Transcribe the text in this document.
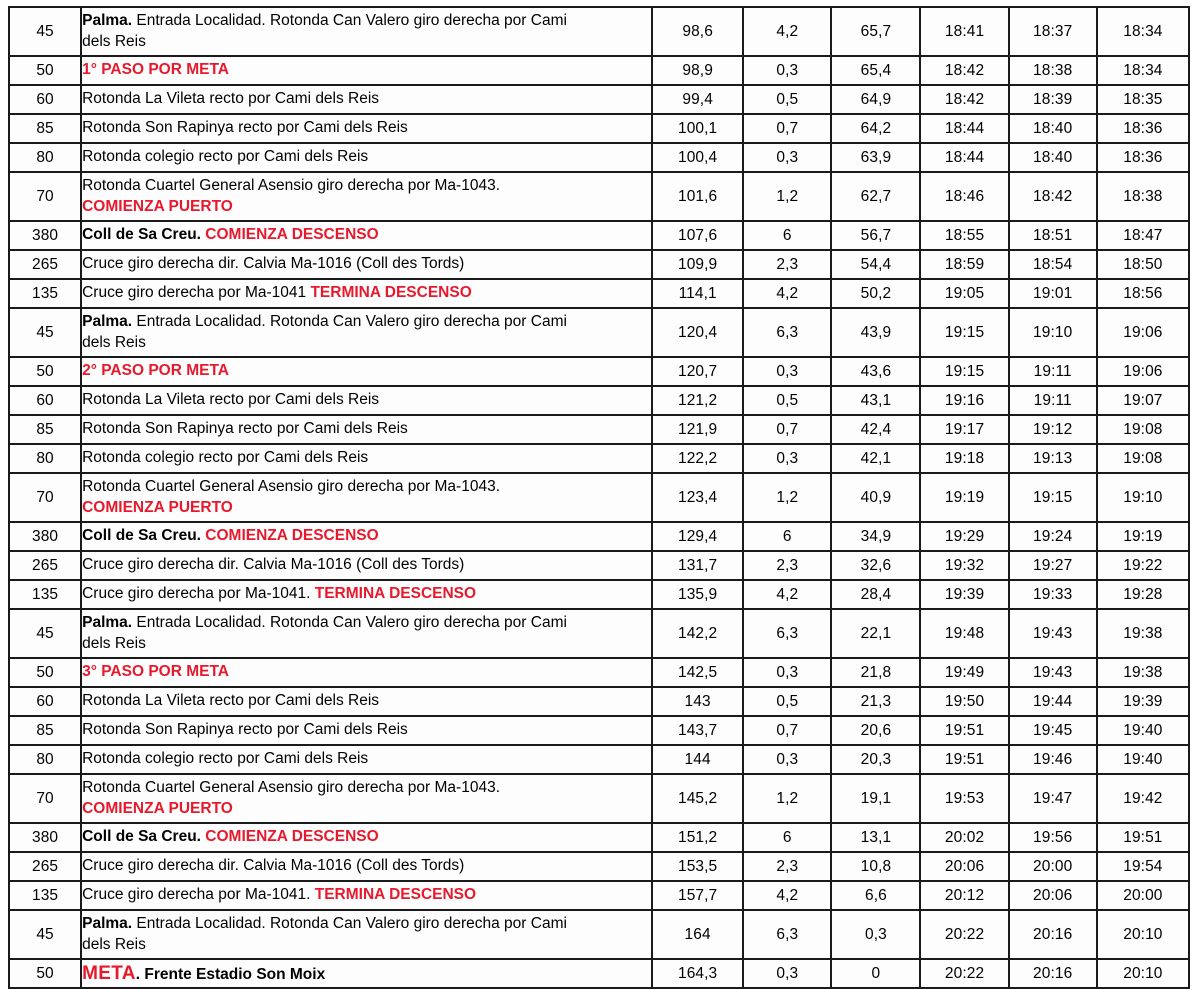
45	Palma. Entrada Localidad. Rotonda Can Valero giro derecha por Cami
dels Reis	98,6	4,2	65,7	18:41	18:37	18:34
50	1° PASO POR META	98,9	0,3	65,4	18:42	18:38	18:34
60	Rotonda La Vileta recto por Cami dels Reis	99,4	0,5	64,9	18:42	18:39	18:35
85	Rotonda Son Rapinya recto por Cami dels Reis	100,1	0,7	64,2	18:44	18:40	18:36
80	Rotonda colegio recto por Cami dels Reis	100,4	0,3	63,9	18:44	18:40	18:36
70	Rotonda Cuartel General Asensio giro derecha por Ma-1043.
COMIENZA PUERTO	101,6	1,2	62,7	18:46	18:42	18:38
380	Coll de Sa Creu. COMIENZA DESCENSO	107,6	6	56,7	18:55	18:51	18:47
265	Cruce giro derecha dir. Calvia Ma-1016 (Coll des Tords)	109,9	2,3	54,4	18:59	18:54	18:50
135	Cruce giro derecha por Ma-1041 TERMINA DESCENSO	114,1	4,2	50,2	19:05	19:01	18:56
45	Palma. Entrada Localidad. Rotonda Can Valero giro derecha por Cami
dels Reis	120,4	6,3	43,9	19:15	19:10	19:06
50	2° PASO POR META	120,7	0,3	43,6	19:15	19:11	19:06
60	Rotonda La Vileta recto por Cami dels Reis	121,2	0,5	43,1	19:16	19:11	19:07
85	Rotonda Son Rapinya recto por Cami dels Reis	121,9	0,7	42,4	19:17	19:12	19:08
80	Rotonda colegio recto por Cami dels Reis	122,2	0,3	42,1	19:18	19:13	19:08
70	Rotonda Cuartel General Asensio giro derecha por Ma-1043.
COMIENZA PUERTO	123,4	1,2	40,9	19:19	19:15	19:10
380	Coll de Sa Creu. COMIENZA DESCENSO	129,4	6	34,9	19:29	19:24	19:19
265	Cruce giro derecha dir. Calvia Ma-1016 (Coll des Tords)	131,7	2,3	32,6	19:32	19:27	19:22
135	Cruce giro derecha por Ma-1041. TERMINA DESCENSO	135,9	4,2	28,4	19:39	19:33	19:28
45	Palma. Entrada Localidad. Rotonda Can Valero giro derecha por Cami
dels Reis	142,2	6,3	22,1	19:48	19:43	19:38
50	3° PASO POR META	142,5	0,3	21,8	19:49	19:43	19:38
60	Rotonda La Vileta recto por Cami dels Reis	143	0,5	21,3	19:50	19:44	19:39
85	Rotonda Son Rapinya recto por Cami dels Reis	143,7	0,7	20,6	19:51	19:45	19:40
80	Rotonda colegio recto por Cami dels Reis	144	0,3	20,3	19:51	19:46	19:40
70	Rotonda Cuartel General Asensio giro derecha por Ma-1043.
COMIENZA PUERTO	145,2	1,2	19,1	19:53	19:47	19:42
380	Coll de Sa Creu. COMIENZA DESCENSO	151,2	6	13,1	20:02	19:56	19:51
265	Cruce giro derecha dir. Calvia Ma-1016 (Coll des Tords)	153,5	2,3	10,8	20:06	20:00	19:54
135	Cruce giro derecha por Ma-1041. TERMINA DESCENSO	157,7	4,2	6,6	20:12	20:06	20:00
45	Palma. Entrada Localidad. Rotonda Can Valero giro derecha por Cami
dels Reis	164	6,3	0,3	20:22	20:16	20:10
50	META. Frente Estadio Son Moix	164,3	0,3	0	20:22	20:16	20:10
